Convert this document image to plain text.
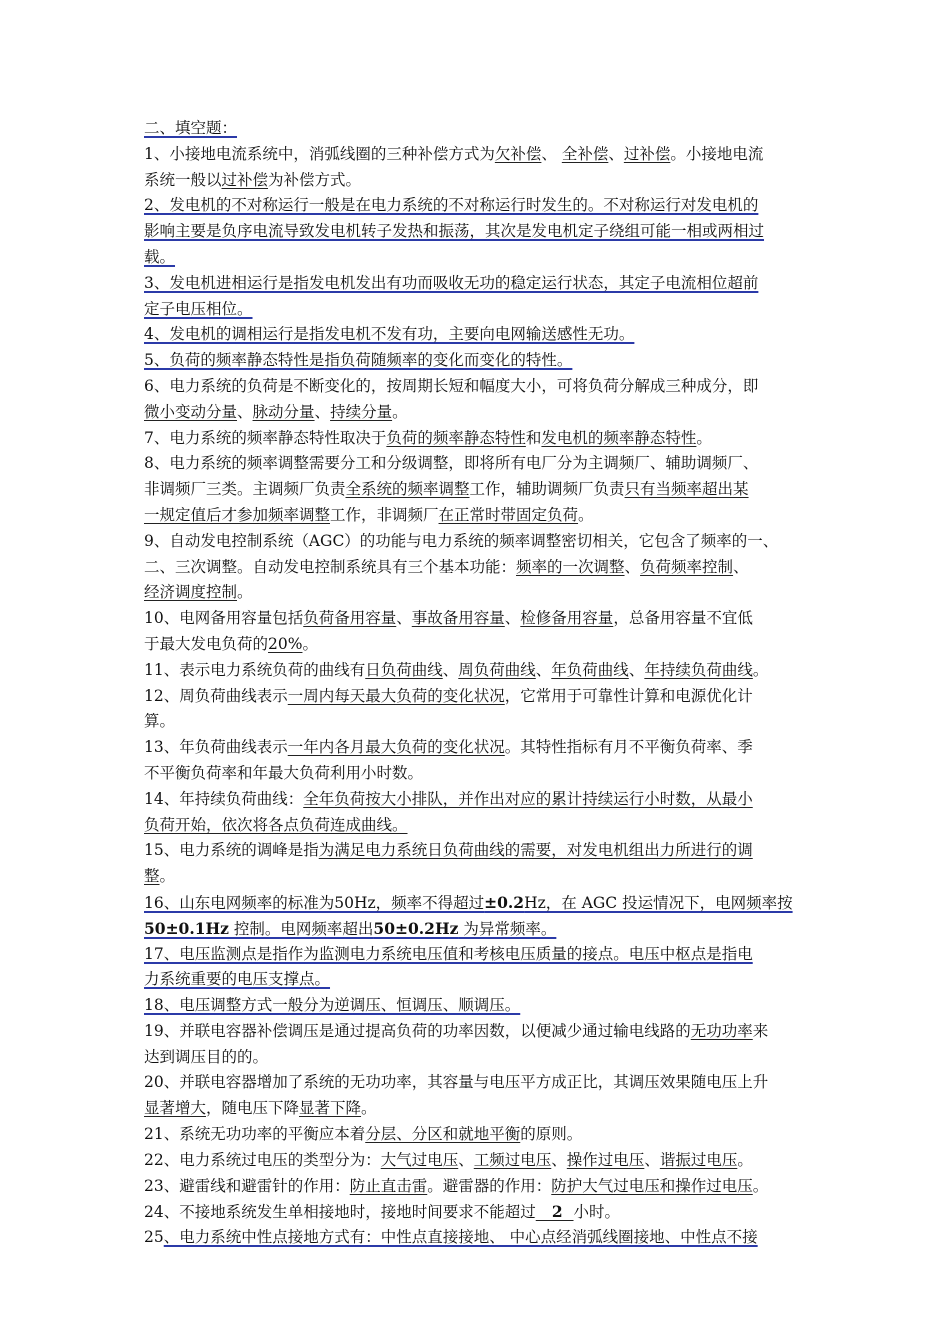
二、填空题：
1、小接地电流系统中，消弧线圈的三种补偿方式为欠补偿、 全补偿、过补偿。小接地电流
系统一般以过补偿为补偿方式。
2、发电机的不对称运行一般是在电力系统的不对称运行时发生的。不对称运行对发电机的
影响主要是负序电流导致发电机转子发热和振荡，其次是发电机定子绕组可能一相或两相过
载。
3、发电机进相运行是指发电机发出有功而吸收无功的稳定运行状态，其定子电流相位超前
定子电压相位。
4、发电机的调相运行是指发电机不发有功，主要向电网输送感性无功。
5、负荷的频率静态特性是指负荷随频率的变化而变化的特性。
6、电力系统的负荷是不断变化的，按周期长短和幅度大小，可将负荷分解成三种成分，即
微小变动分量、脉动分量、持续分量。
7、电力系统的频率静态特性取决于负荷的频率静态特性和发电机的频率静态特性。
8、电力系统的频率调整需要分工和分级调整，即将所有电厂分为主调频厂、辅助调频厂、
非调频厂三类。主调频厂负责全系统的频率调整工作，辅助调频厂负责只有当频率超出某
一规定值后才参加频率调整工作，非调频厂在正常时带固定负荷。
9、自动发电控制系统（AGC）的功能与电力系统的频率调整密切相关，它包含了频率的一、
二、三次调整。自动发电控制系统具有三个基本功能：频率的一次调整、负荷频率控制、
经济调度控制。
10、电网备用容量包括负荷备用容量、事故备用容量、检修备用容量，总备用容量不宜低
于最大发电负荷的20%。
11、表示电力系统负荷的曲线有日负荷曲线、周负荷曲线、年负荷曲线、年持续负荷曲线。
12、周负荷曲线表示一周内每天最大负荷的变化状况，它常用于可靠性计算和电源优化计
算。
13、年负荷曲线表示一年内各月最大负荷的变化状况。其特性指标有月不平衡负荷率、季
不平衡负荷率和年最大负荷利用小时数。
14、年持续负荷曲线：全年负荷按大小排队，并作出对应的累计持续运行小时数，从最小
负荷开始，依次将各点负荷连成曲线。
15、电力系统的调峰是指为满足电力系统日负荷曲线的需要，对发电机组出力所进行的调
整。
16、山东电网频率的标准为50Hz，频率不得超过±0.2Hz，在 AGC 投运情况下，电网频率按
50±0.1Hz 控制。电网频率超出50±0.2Hz 为异常频率。
17、电压监测点是指作为监测电力系统电压值和考核电压质量的接点。电压中枢点是指电
力系统重要的电压支撑点。
18、电压调整方式一般分为逆调压、恒调压、顺调压。
19、并联电容器补偿调压是通过提高负荷的功率因数，以便减少通过输电线路的无功功率来
达到调压目的的。
20、并联电容器增加了系统的无功功率，其容量与电压平方成正比，其调压效果随电压上升
显著增大，随电压下降显著下降。
21、系统无功功率的平衡应本着分层、分区和就地平衡的原则。
22、电力系统过电压的类型分为：大气过电压、工频过电压、操作过电压、谐振过电压。
23、避雷线和避雷针的作用：防止直击雷。避雷器的作用：防护大气过电压和操作过电压。
24、不接地系统发生单相接地时，接地时间要求不能超过   2  小时。
25、电力系统中性点接地方式有：中性点直接接地、 中心点经消弧线圈接地、中性点不接
